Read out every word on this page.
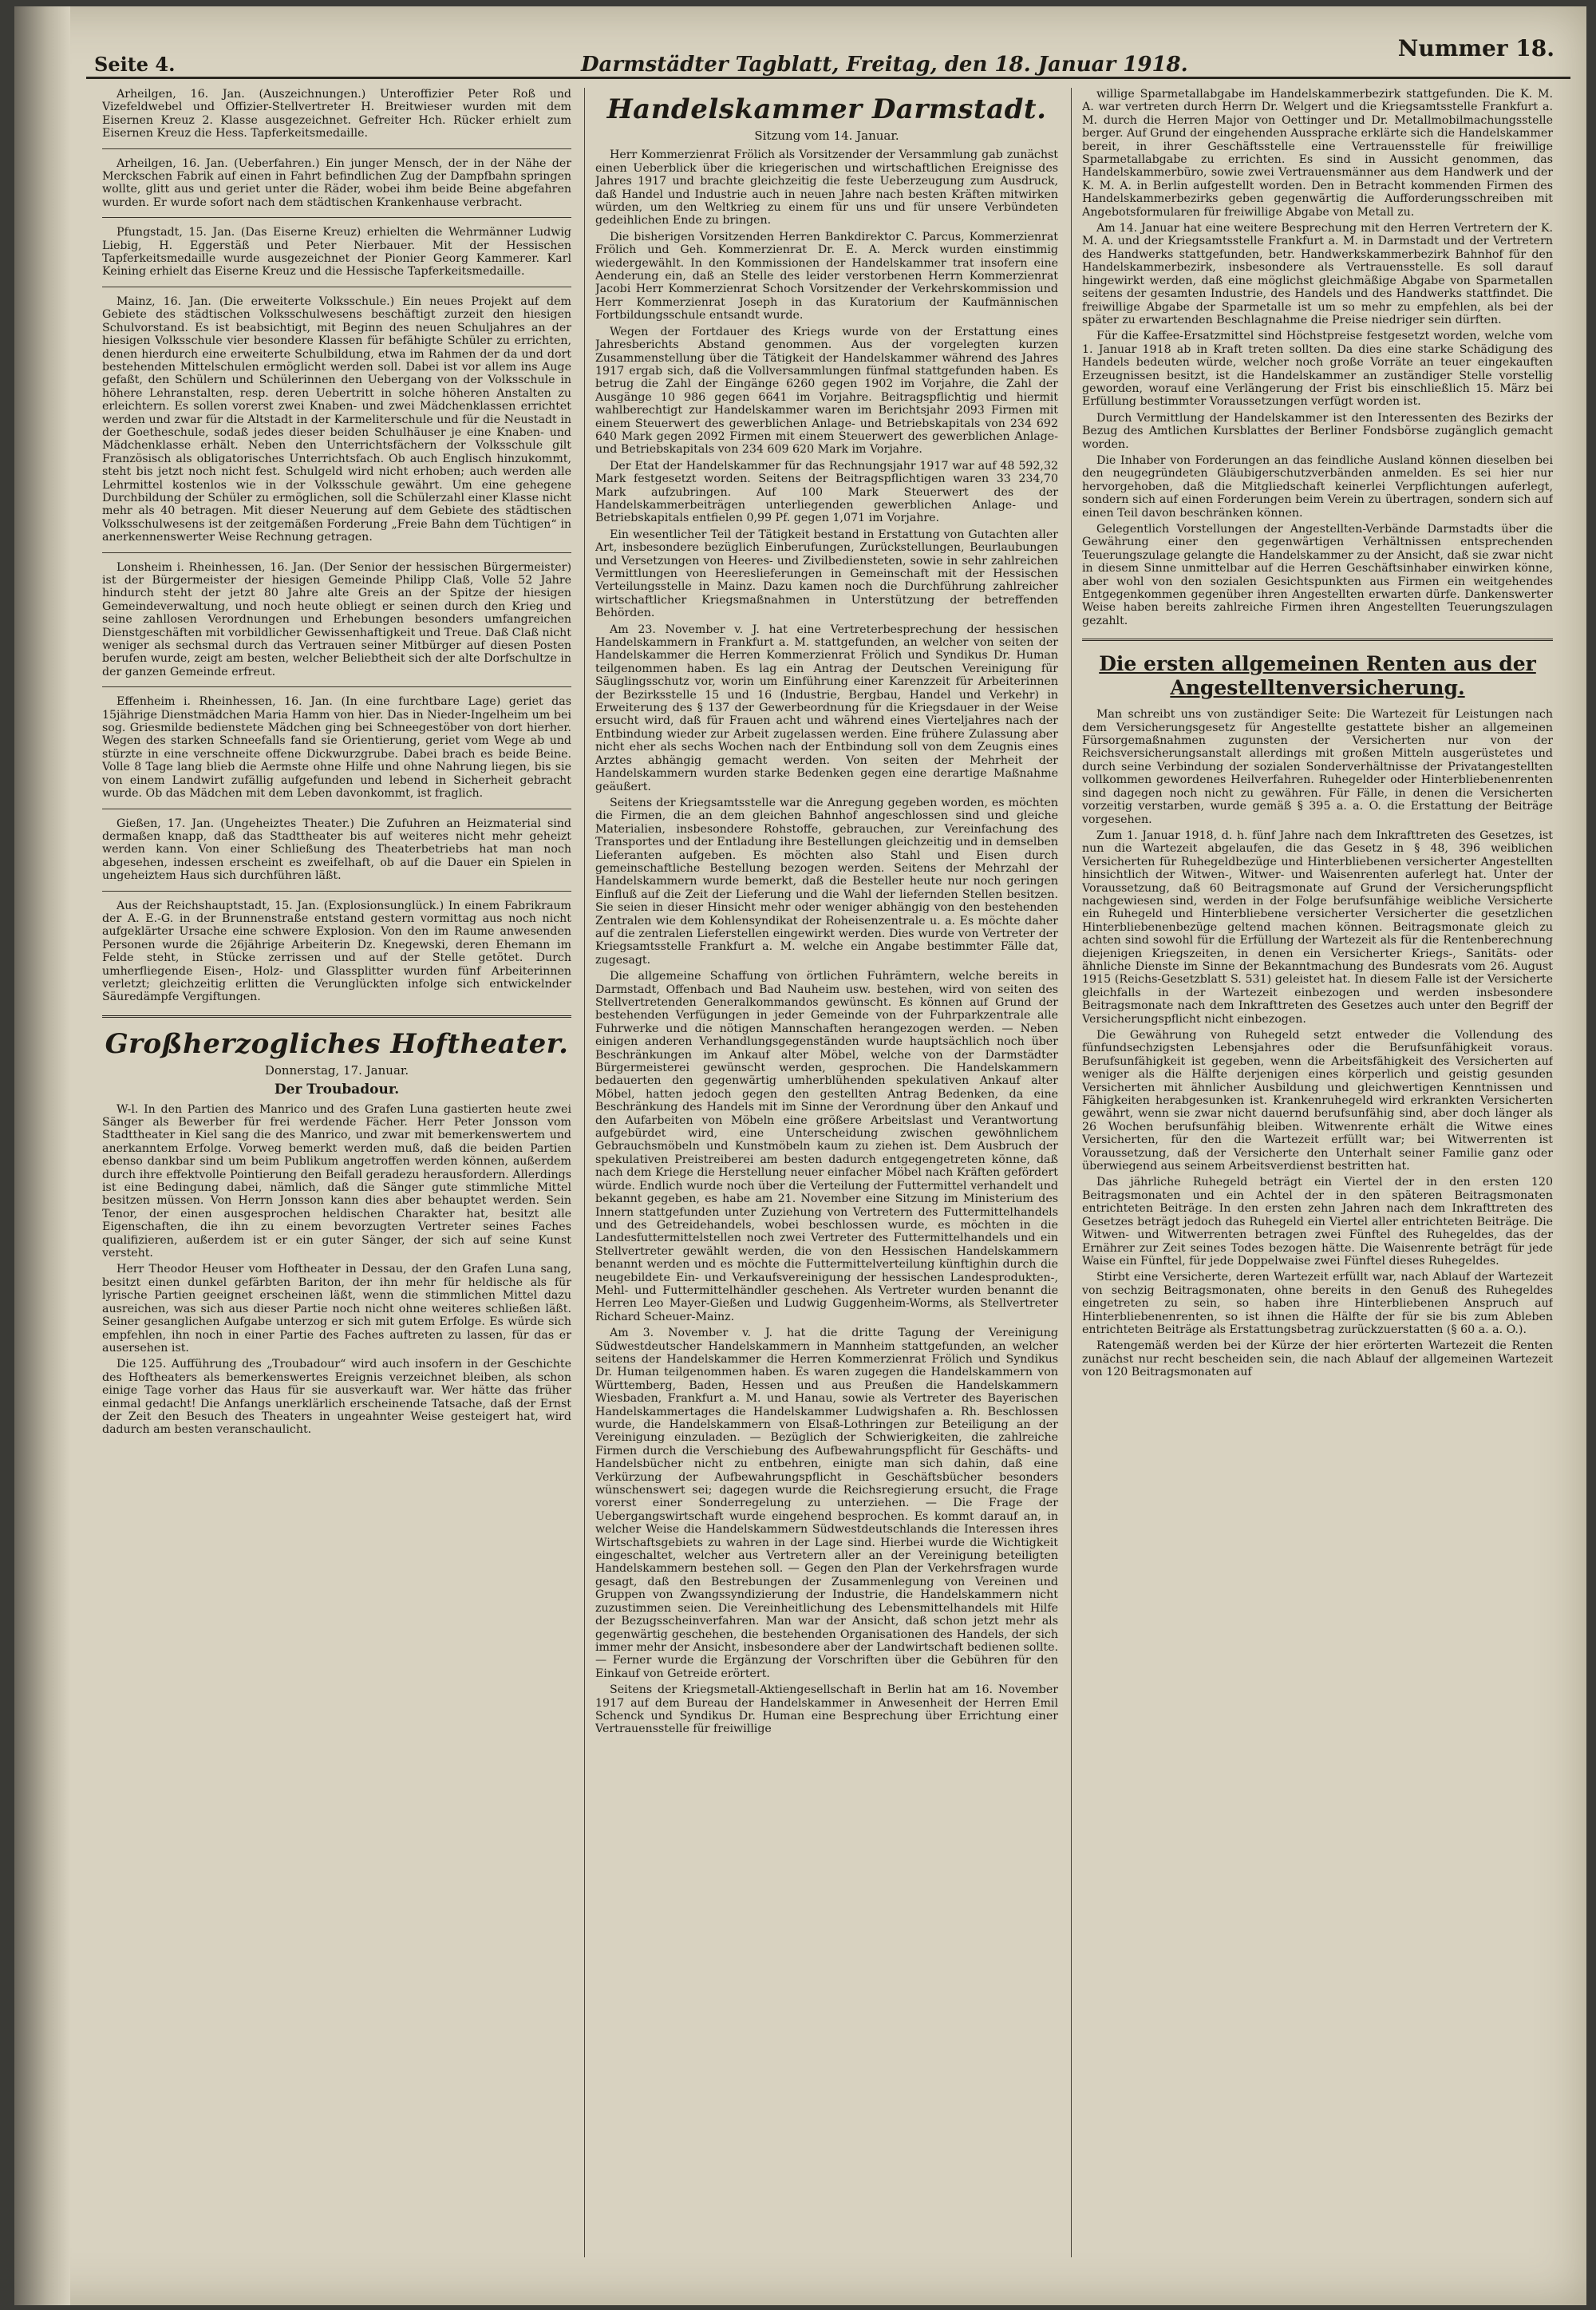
Seite 4.	Darmstädter Tagblatt, Freitag, den 18. Januar 1918.
Nummer 18.

Arheilgen, 16. Jan. (Auszeichnungen.) Unteroffizier Peter Roß und Vizefeldwebel und Offizier-Stellvertreter H. Breitwieser wurden mit dem Eisernen Kreuz 2. Klasse ausgezeichnet. Gefreiter Hch. Rücker erhielt zum Eisernen Kreuz die Hess. Tapferkeitsmedaille.

Arheilgen, 16. Jan. (Ueberfahren.) Ein junger Mensch, der in der Nähe der Merckschen Fabrik auf einen in Fahrt befindlichen Zug der Dampfbahn springen wollte, glitt aus und geriet unter die Räder, wobei ihm beide Beine abgefahren wurden. Er wurde sofort nach dem städtischen Krankenhause verbracht.

Pfungstadt, 15. Jan. (Das Eiserne Kreuz) erhielten die Wehrmänner Ludwig Liebig, H. Eggerstäß und Peter Nierbauer. Mit der Hessischen Tapferkeitsmedaille wurde ausgezeichnet der Pionier Georg Kammerer. Karl Keining erhielt das Eiserne Kreuz und die Hessische Tapferkeitsmedaille.

Mainz, 16. Jan. (Die erweiterte Volksschule.) Ein neues Projekt auf dem Gebiete des städtischen Volksschulwesens beschäftigt zurzeit den hiesigen Schulvorstand. Es ist beabsichtigt, mit Beginn des neuen Schuljahres an der hiesigen Volksschule vier besondere Klassen für befähigte Schüler zu errichten, denen hierdurch eine erweiterte Schulbildung, etwa im Rahmen der da und dort bestehenden Mittelschulen ermöglicht werden soll. Dabei ist vor allem ins Auge gefaßt, den Schülern und Schülerinnen den Uebergang von der Volksschule in höhere Lehranstalten, resp. deren Uebertritt in solche höheren Anstalten zu erleichtern. Es sollen vorerst zwei Knaben- und zwei Mädchenklassen errichtet werden und zwar für die Altstadt in der Karmeliterschule und für die Neustadt in der Goetheschule, sodaß jedes dieser beiden Schulhäuser je eine Knaben- und Mädchenklasse erhält. Neben den Unterrichtsfächern der Volksschule gilt Französisch als obligatorisches Unterrichtsfach. Ob auch Englisch hinzukommt, steht bis jetzt noch nicht fest. Schulgeld wird nicht erhoben; auch werden alle Lehrmittel kostenlos wie in der Volksschule gewährt. Um eine gehegene Durchbildung der Schüler zu ermöglichen, soll die Schülerzahl einer Klasse nicht mehr als 40 betragen. Mit dieser Neuerung auf dem Gebiete des städtischen Volksschulwesens ist der zeitgemäßen Forderung „Freie Bahn dem Tüchtigen“ in anerkennenswerter Weise Rechnung getragen.

Lonsheim i. Rheinhessen, 16. Jan. (Der Senior der hessischen Bürgermeister) ist der Bürgermeister der hiesigen Gemeinde Philipp Claß, Volle 52 Jahre hindurch steht der jetzt 80 Jahre alte Greis an der Spitze der hiesigen Gemeindeverwaltung, und noch heute obliegt er seinen durch den Krieg und seine zahllosen Verordnungen und Erhebungen besonders umfangreichen Dienstgeschäften mit vorbildlicher Gewissenhaftigkeit und Treue. Daß Claß nicht weniger als sechsmal durch das Vertrauen seiner Mitbürger auf diesen Posten berufen wurde, zeigt am besten, welcher Beliebtheit sich der alte Dorfschultze in der ganzen Gemeinde erfreut.

Effenheim i. Rheinhessen, 16. Jan. (In eine furchtbare Lage) geriet das 15jährige Dienstmädchen Maria Hamm von hier. Das in Nieder-Ingelheim um bei sog. Griesmilde bedienstete Mädchen ging bei Schneegestöber von dort hierher. Wegen des starken Schneefalls fand sie Orientierung, geriet vom Wege ab und stürzte in eine verschneite offene Dickwurzgrube. Dabei brach es beide Beine. Volle 8 Tage lang blieb die Aermste ohne Hilfe und ohne Nahrung liegen, bis sie von einem Landwirt zufällig aufgefunden und lebend in Sicherheit gebracht wurde. Ob das Mädchen mit dem Leben davonkommt, ist fraglich.

Gießen, 17. Jan. (Ungeheiztes Theater.) Die Zufuhren an Heizmaterial sind dermaßen knapp, daß das Stadttheater bis auf weiteres nicht mehr geheizt werden kann. Von einer Schließung des Theaterbetriebs hat man noch abgesehen, indessen erscheint es zweifelhaft, ob auf die Dauer ein Spielen in ungeheiztem Haus sich durchführen läßt.

Aus der Reichshauptstadt, 15. Jan. (Explosionsunglück.) In einem Fabrikraum der A. E.-G. in der Brunnenstraße entstand gestern vormittag aus noch nicht aufgeklärter Ursache eine schwere Explosion. Von den im Raume anwesenden Personen wurde die 26jährige Arbeiterin Dz. Knegewski, deren Ehemann im Felde steht, in Stücke zerrissen und auf der Stelle getötet. Durch umherfliegende Eisen-, Holz- und Glassplitter wurden fünf Arbeiterinnen verletzt; gleichzeitig erlitten die Verunglückten infolge sich entwickelnder Säuredämpfe Vergiftungen.

Großherzogliches Hoftheater.
Donnerstag, 17. Januar.
Der Troubadour.

W-l. In den Partien des Manrico und des Grafen Luna gastierten heute zwei Sänger als Bewerber für frei werdende Fächer. Herr Peter Jonsson vom Stadttheater in Kiel sang die des Manrico, und zwar mit bemerkenswertem und anerkanntem Erfolge. Vorweg bemerkt werden muß, daß die beiden Partien ebenso dankbar sind um beim Publikum angetroffen werden können, außerdem durch ihre effektvolle Pointierung den Beifall geradezu herausfordern. Allerdings ist eine Bedingung dabei, nämlich, daß die Sänger gute stimmliche Mittel besitzen müssen. Von Herrn Jonsson kann dies aber behauptet werden. Sein Tenor, der einen ausgesprochen heldischen Charakter hat, besitzt alle Eigenschaften, die ihn zu einem bevorzugten Vertreter seines Faches qualifizieren, außerdem ist er ein guter Sänger, der sich auf seine Kunst versteht.

Herr Theodor Heuser vom Hoftheater in Dessau, der den Grafen Luna sang, besitzt einen dunkel gefärbten Bariton, der ihn mehr für heldische als für lyrische Partien geeignet erscheinen läßt, wenn die stimmlichen Mittel dazu ausreichen, was sich aus dieser Partie noch nicht ohne weiteres schließen läßt. Seiner gesanglichen Aufgabe unterzog er sich mit gutem Erfolge. Es würde sich empfehlen, ihn noch in einer Partie des Faches auftreten zu lassen, für das er ausersehen ist.

Die 125. Aufführung des „Troubadour“ wird auch insofern in der Geschichte des Hoftheaters als bemerkenswertes Ereignis verzeichnet bleiben, als schon einige Tage vorher das Haus für sie ausverkauft war. Wer hätte das früher einmal gedacht! Die Anfangs unerklärlich erscheinende Tatsache, daß der Ernst der Zeit den Besuch des Theaters in ungeahnter Weise gesteigert hat, wird dadurch am besten veranschaulicht.

Handelskammer Darmstadt.
Sitzung vom 14. Januar.

Herr Kommerzienrat Frölich als Vorsitzender der Versammlung gab zunächst einen Ueberblick über die kriegerischen und wirtschaftlichen Ereignisse des Jahres 1917 und brachte gleichzeitig die feste Ueberzeugung zum Ausdruck, daß Handel und Industrie auch in neuen Jahre nach besten Kräften mitwirken würden, um den Weltkrieg zu einem für uns und für unsere Verbündeten gedeihlichen Ende zu bringen.

Die bisherigen Vorsitzenden Herren Bankdirektor C. Parcus, Kommerzienrat Frölich und Geh. Kommerzienrat Dr. E. A. Merck wurden einstimmig wiedergewählt. In den Kommissionen der Handelskammer trat insofern eine Aenderung ein, daß an Stelle des leider verstorbenen Herrn Kommerzienrat Jacobi Herr Kommerzienrat Schoch Vorsitzender der Verkehrskommission und Herr Kommerzienrat Joseph in das Kuratorium der Kaufmännischen Fortbildungsschule entsandt wurde.

Wegen der Fortdauer des Kriegs wurde von der Erstattung eines Jahresberichts Abstand genommen. Aus der vorgelegten kurzen Zusammenstellung über die Tätigkeit der Handelskammer während des Jahres 1917 ergab sich, daß die Vollversammlungen fünfmal stattgefunden haben. Es betrug die Zahl der Eingänge 6260 gegen 1902 im Vorjahre, die Zahl der Ausgänge 10 986 gegen 6641 im Vorjahre. Beitragspflichtig und hiermit wahlberechtigt zur Handelskammer waren im Berichtsjahr 2093 Firmen mit einem Steuerwert des gewerblichen Anlage- und Betriebskapitals von 234 692 640 Mark gegen 2092 Firmen mit einem Steuerwert des gewerblichen Anlage- und Betriebskapitals von 234 609 620 Mark im Vorjahre.

Der Etat der Handelskammer für das Rechnungsjahr 1917 war auf 48 592,32 Mark festgesetzt worden. Seitens der Beitragspflichtigen waren 33 234,70 Mark aufzubringen. Auf 100 Mark Steuerwert des der Handelskammerbeiträgen unterliegenden gewerblichen Anlage- und Betriebskapitals entfielen 0,99 Pf. gegen 1,071 im Vorjahre.

Ein wesentlicher Teil der Tätigkeit bestand in Erstattung von Gutachten aller Art, insbesondere bezüglich Einberufungen, Zurückstellungen, Beurlaubungen und Versetzungen von Heeres- und Zivilbediensteten, sowie in sehr zahlreichen Vermittlungen von Heereslieferungen in Gemeinschaft mit der Hessischen Verteilungsstelle in Mainz. Dazu kamen noch die Durchführung zahlreicher wirtschaftlicher Kriegsmaßnahmen in Unterstützung der betreffenden Behörden.

Am 23. November v. J. hat eine Vertreterbesprechung der hessischen Handelskammern in Frankfurt a. M. stattgefunden, an welcher von seiten der Handelskammer die Herren Kommerzienrat Frölich und Syndikus Dr. Human teilgenommen haben. Es lag ein Antrag der Deutschen Vereinigung für Säuglingsschutz vor, worin um Einführung einer Karenzzeit für Arbeiterinnen der Bezirksstelle 15 und 16 (Industrie, Bergbau, Handel und Verkehr) in Erweiterung des § 137 der Gewerbeordnung für die Kriegsdauer in der Weise ersucht wird, daß für Frauen acht und während eines Vierteljahres nach der Entbindung wieder zur Arbeit zugelassen werden. Eine frühere Zulassung aber nicht eher als sechs Wochen nach der Entbindung soll von dem Zeugnis eines Arztes abhängig gemacht werden. Von seiten der Mehrheit der Handelskammern wurden starke Bedenken gegen eine derartige Maßnahme geäußert.

Seitens der Kriegsamtsstelle war die Anregung gegeben worden, es möchten die Firmen, die an dem gleichen Bahnhof angeschlossen sind und gleiche Materialien, insbesondere Rohstoffe, gebrauchen, zur Vereinfachung des Transportes und der Entladung ihre Bestellungen gleichzeitig und in demselben Lieferanten aufgeben. Es möchten also Stahl und Eisen durch gemeinschaftliche Bestellung bezogen werden. Seitens der Mehrzahl der Handelskammern wurde bemerkt, daß die Besteller heute nur noch geringen Einfluß auf die Zeit der Lieferung und die Wahl der liefernden Stellen besitzen. Sie seien in dieser Hinsicht mehr oder weniger abhängig von den bestehenden Zentralen wie dem Kohlensyndikat der Roheisenzentrale u. a. Es möchte daher auf die zentralen Lieferstellen eingewirkt werden. Dies wurde von Vertreter der Kriegsamtsstelle Frankfurt a. M. welche ein Angabe bestimmter Fälle dat, zugesagt.

Die allgemeine Schaffung von örtlichen Fuhrämtern, welche bereits in Darmstadt, Offenbach und Bad Nauheim usw. bestehen, wird von seiten des Stellvertretenden Generalkommandos gewünscht. Es können auf Grund der bestehenden Verfügungen in jeder Gemeinde von der Fuhrparkzentrale alle Fuhrwerke und die nötigen Mannschaften herangezogen werden. — Neben einigen anderen Verhandlungsgegenständen wurde hauptsächlich noch über Beschränkungen im Ankauf alter Möbel, welche von der Darmstädter Bürgermeisterei gewünscht werden, gesprochen. Die Handelskammern bedauerten den gegenwärtig umherblühenden spekulativen Ankauf alter Möbel, hatten jedoch gegen den gestellten Antrag Bedenken, da eine Beschränkung des Handels mit im Sinne der Verordnung über den Ankauf und den Aufarbeiten von Möbeln eine größere Arbeitslast und Verantwortung aufgebürdet wird, eine Unterscheidung zwischen gewöhnlichem Gebrauchsmöbeln und Kunstmöbeln kaum zu ziehen ist. Dem Ausbruch der spekulativen Preistreiberei am besten dadurch entgegengetreten könne, daß nach dem Kriege die Herstellung neuer einfacher Möbel nach Kräften gefördert würde. Endlich wurde noch über die Verteilung der Futtermittel verhandelt und bekannt gegeben, es habe am 21. November eine Sitzung im Ministerium des Innern stattgefunden unter Zuziehung von Vertretern des Futtermittelhandels und des Getreidehandels, wobei beschlossen wurde, es möchten in die Landesfuttermittelstellen noch zwei Vertreter des Futtermittelhandels und ein Stellvertreter gewählt werden, die von den Hessischen Handelskammern benannt werden und es möchte die Futtermittelverteilung künftighin durch die neugebildete Ein- und Verkaufsvereinigung der hessischen Landesprodukten-, Mehl- und Futtermittelhändler geschehen. Als Vertreter wurden benannt die Herren Leo Mayer-Gießen und Ludwig Guggenheim-Worms, als Stellvertreter Richard Scheuer-Mainz.

Am 3. November v. J. hat die dritte Tagung der Vereinigung Südwestdeutscher Handelskammern in Mannheim stattgefunden, an welcher seitens der Handelskammer die Herren Kommerzienrat Frölich und Syndikus Dr. Human teilgenommen haben. Es waren zugegen die Handelskammern von Württemberg, Baden, Hessen und aus Preußen die Handelskammern Wiesbaden, Frankfurt a. M. und Hanau, sowie als Vertreter des Bayerischen Handelskammertages die Handelskammer Ludwigshafen a. Rh. Beschlossen wurde, die Handelskammern von Elsaß-Lothringen zur Beteiligung an der Vereinigung einzuladen. — Bezüglich der Schwierigkeiten, die zahlreiche Firmen durch die Verschiebung des Aufbewahrungspflicht für Geschäfts- und Handelsbücher nicht zu entbehren, einigte man sich dahin, daß eine Verkürzung der Aufbewahrungspflicht in Geschäftsbücher besonders wünschenswert sei; dagegen wurde die Reichsregierung ersucht, die Frage vorerst einer Sonderregelung zu unterziehen. — Die Frage der Uebergangswirtschaft wurde eingehend besprochen. Es kommt darauf an, in welcher Weise die Handelskammern Südwestdeutschlands die Interessen ihres Wirtschaftsgebiets zu wahren in der Lage sind. Hierbei wurde die Wichtigkeit eingeschaltet, welcher aus Vertretern aller an der Vereinigung beteiligten Handelskammern bestehen soll. — Gegen den Plan der Verkehrsfragen wurde gesagt, daß den Bestrebungen der Zusammenlegung von Vereinen und Gruppen von Zwangssyndizierung der Industrie, die Handelskammern nicht zuzustimmen seien. Die Vereinheitlichung des Lebensmittelhandels mit Hilfe der Bezugsscheinverfahren. Man war der Ansicht, daß schon jetzt mehr als gegenwärtig geschehen, die bestehenden Organisationen des Handels, der sich immer mehr der Ansicht, insbesondere aber der Landwirtschaft bedienen sollte. — Ferner wurde die Ergänzung der Vorschriften über die Gebühren für den Einkauf von Getreide erörtert.

Seitens der Kriegsmetall-Aktiengesellschaft in Berlin hat am 16. November 1917 auf dem Bureau der Handelskammer in Anwesenheit der Herren Emil Schenck und Syndikus Dr. Human eine Besprechung über Errichtung einer Vertrauensstelle für freiwillige

willige Sparmetallabgabe im Handelskammerbezirk stattgefunden. Die K. M. A. war vertreten durch Herrn Dr. Welgert und die Kriegsamtsstelle Frankfurt a. M. durch die Herren Major von Oettinger und Dr. Metallmobilmachungsstelle berger. Auf Grund der eingehenden Aussprache erklärte sich die Handelskammer bereit, in ihrer Geschäftsstelle eine Vertrauensstelle für freiwillige Sparmetallabgabe zu errichten. Es sind in Aussicht genommen, das Handelskammerbüro, sowie zwei Vertrauensmänner aus dem Handwerk und der K. M. A. in Berlin aufgestellt worden. Den in Betracht kommenden Firmen des Handelskammerbezirks geben gegenwärtig die Aufforderungsschreiben mit Angebotsformularen für freiwillige Abgabe von Metall zu.

Am 14. Januar hat eine weitere Besprechung mit den Herren Vertretern der K. M. A. und der Kriegsamtsstelle Frankfurt a. M. in Darmstadt und der Vertretern des Handwerks stattgefunden, betr. Handwerkskammerbezirk Bahnhof für den Handelskammerbezirk, insbesondere als Vertrauensstelle. Es soll darauf hingewirkt werden, daß eine möglichst gleichmäßige Abgabe von Sparmetallen seitens der gesamten Industrie, des Handels und des Handwerks stattfindet. Die freiwillige Abgabe der Sparmetalle ist um so mehr zu empfehlen, als bei der später zu erwartenden Beschlagnahme die Preise niedriger sein dürften.

Für die Kaffee-Ersatzmittel sind Höchstpreise festgesetzt worden, welche vom 1. Januar 1918 ab in Kraft treten sollten. Da dies eine starke Schädigung des Handels bedeuten würde, welcher noch große Vorräte an teuer eingekauften Erzeugnissen besitzt, ist die Handelskammer an zuständiger Stelle vorstellig geworden, worauf eine Verlängerung der Frist bis einschließlich 15. März bei Erfüllung bestimmter Voraussetzungen verfügt worden ist.

Durch Vermittlung der Handelskammer ist den Interessenten des Bezirks der Bezug des Amtlichen Kursblattes der Berliner Fondsbörse zugänglich gemacht worden.

Die Inhaber von Forderungen an das feindliche Ausland können dieselben bei den neugegründeten Gläubigerschutzverbänden anmelden. Es sei hier nur hervorgehoben, daß die Mitgliedschaft keinerlei Verpflichtungen auferlegt, sondern sich auf einen Forderungen beim Verein zu übertragen, sondern sich auf einen Teil davon beschränken können.

Gelegentlich Vorstellungen der Angestellten-Verbände Darmstadts über die Gewährung einer den gegenwärtigen Verhältnissen entsprechenden Teuerungszulage gelangte die Handelskammer zu der Ansicht, daß sie zwar nicht in diesem Sinne unmittelbar auf die Herren Geschäftsinhaber einwirken könne, aber wohl von den sozialen Gesichtspunkten aus Firmen ein weitgehendes Entgegenkommen gegenüber ihren Angestellten erwarten dürfe. Dankenswerter Weise haben bereits zahlreiche Firmen ihren Angestellten Teuerungszulagen gezahlt.

Die ersten allgemeinen Renten aus der Angestelltenversicherung.

Man schreibt uns von zuständiger Seite: Die Wartezeit für Leistungen nach dem Versicherungsgesetz für Angestellte gestattete bisher an allgemeinen Fürsorgemaßnahmen zugunsten der Versicherten nur von der Reichsversicherungsanstalt allerdings mit großen Mitteln ausgerüstetes und durch seine Verbindung der sozialen Sonderverhältnisse der Privatangestellten vollkommen gewordenes Heilverfahren. Ruhegelder oder Hinterbliebenenrenten sind dagegen noch nicht zu gewähren. Für Fälle, in denen die Versicherten vorzeitig verstarben, wurde gemäß § 395 a. a. O. die Erstattung der Beiträge vorgesehen.

Zum 1. Januar 1918, d. h. fünf Jahre nach dem Inkrafttreten des Gesetzes, ist nun die Wartezeit abgelaufen, die das Gesetz in § 48, 396 weiblichen Versicherten für Ruhegeldbezüge und Hinterbliebenen versicherter Angestellten hinsichtlich der Witwen-, Witwer- und Waisenrenten auferlegt hat. Unter der Voraussetzung, daß 60 Beitragsmonate auf Grund der Versicherungspflicht nachgewiesen sind, werden in der Folge berufsunfähige weibliche Versicherte ein Ruhegeld und Hinterbliebene versicherter Versicherter die gesetzlichen Hinterbliebenenbezüge geltend machen können. Beitragsmonate gleich zu achten sind sowohl für die Erfüllung der Wartezeit als für die Rentenberechnung diejenigen Kriegszeiten, in denen ein Versicherter Kriegs-, Sanitäts- oder ähnliche Dienste im Sinne der Bekanntmachung des Bundesrats vom 26. August 1915 (Reichs-Gesetzblatt S. 531) geleistet hat. In diesem Falle ist der Versicherte gleichfalls in der Wartezeit einbezogen und werden insbesondere Beitragsmonate nach dem Inkrafttreten des Gesetzes auch unter den Begriff der Versicherungspflicht nicht einbezogen.

Die Gewährung von Ruhegeld setzt entweder die Vollendung des fünfundsechzigsten Lebensjahres oder die Berufsunfähigkeit voraus. Berufsunfähigkeit ist gegeben, wenn die Arbeitsfähigkeit des Versicherten auf weniger als die Hälfte derjenigen eines körperlich und geistig gesunden Versicherten mit ähnlicher Ausbildung und gleichwertigen Kenntnissen und Fähigkeiten herabgesunken ist. Krankenruhegeld wird erkrankten Versicherten gewährt, wenn sie zwar nicht dauernd berufsunfähig sind, aber doch länger als 26 Wochen berufsunfähig bleiben. Witwenrente erhält die Witwe eines Versicherten, für den die Wartezeit erfüllt war; bei Witwerrenten ist Voraussetzung, daß der Versicherte den Unterhalt seiner Familie ganz oder überwiegend aus seinem Arbeitsverdienst bestritten hat.

Das jährliche Ruhegeld beträgt ein Viertel der in den ersten 120 Beitragsmonaten und ein Achtel der in den späteren Beitragsmonaten entrichteten Beiträge. In den ersten zehn Jahren nach dem Inkrafttreten des Gesetzes beträgt jedoch das Ruhegeld ein Viertel aller entrichteten Beiträge. Die Witwen- und Witwerrenten betragen zwei Fünftel des Ruhegeldes, das der Ernährer zur Zeit seines Todes bezogen hätte. Die Waisenrente beträgt für jede Waise ein Fünftel, für jede Doppelwaise zwei Fünftel dieses Ruhegeldes.

Stirbt eine Versicherte, deren Wartezeit erfüllt war, nach Ablauf der Wartezeit von sechzig Beitragsmonaten, ohne bereits in den Genuß des Ruhegeldes eingetreten zu sein, so haben ihre Hinterbliebenen Anspruch auf Hinterbliebenenrenten, so ist ihnen die Hälfte der für sie bis zum Ableben entrichteten Beiträge als Erstattungsbetrag zurückzuerstatten (§ 60 a. a. O.).

Ratengemäß werden bei der Kürze der hier erörterten Wartezeit die Renten zunächst nur recht bescheiden sein, die nach Ablauf der allgemeinen Wartezeit von 120 Beitragsmonaten auf
